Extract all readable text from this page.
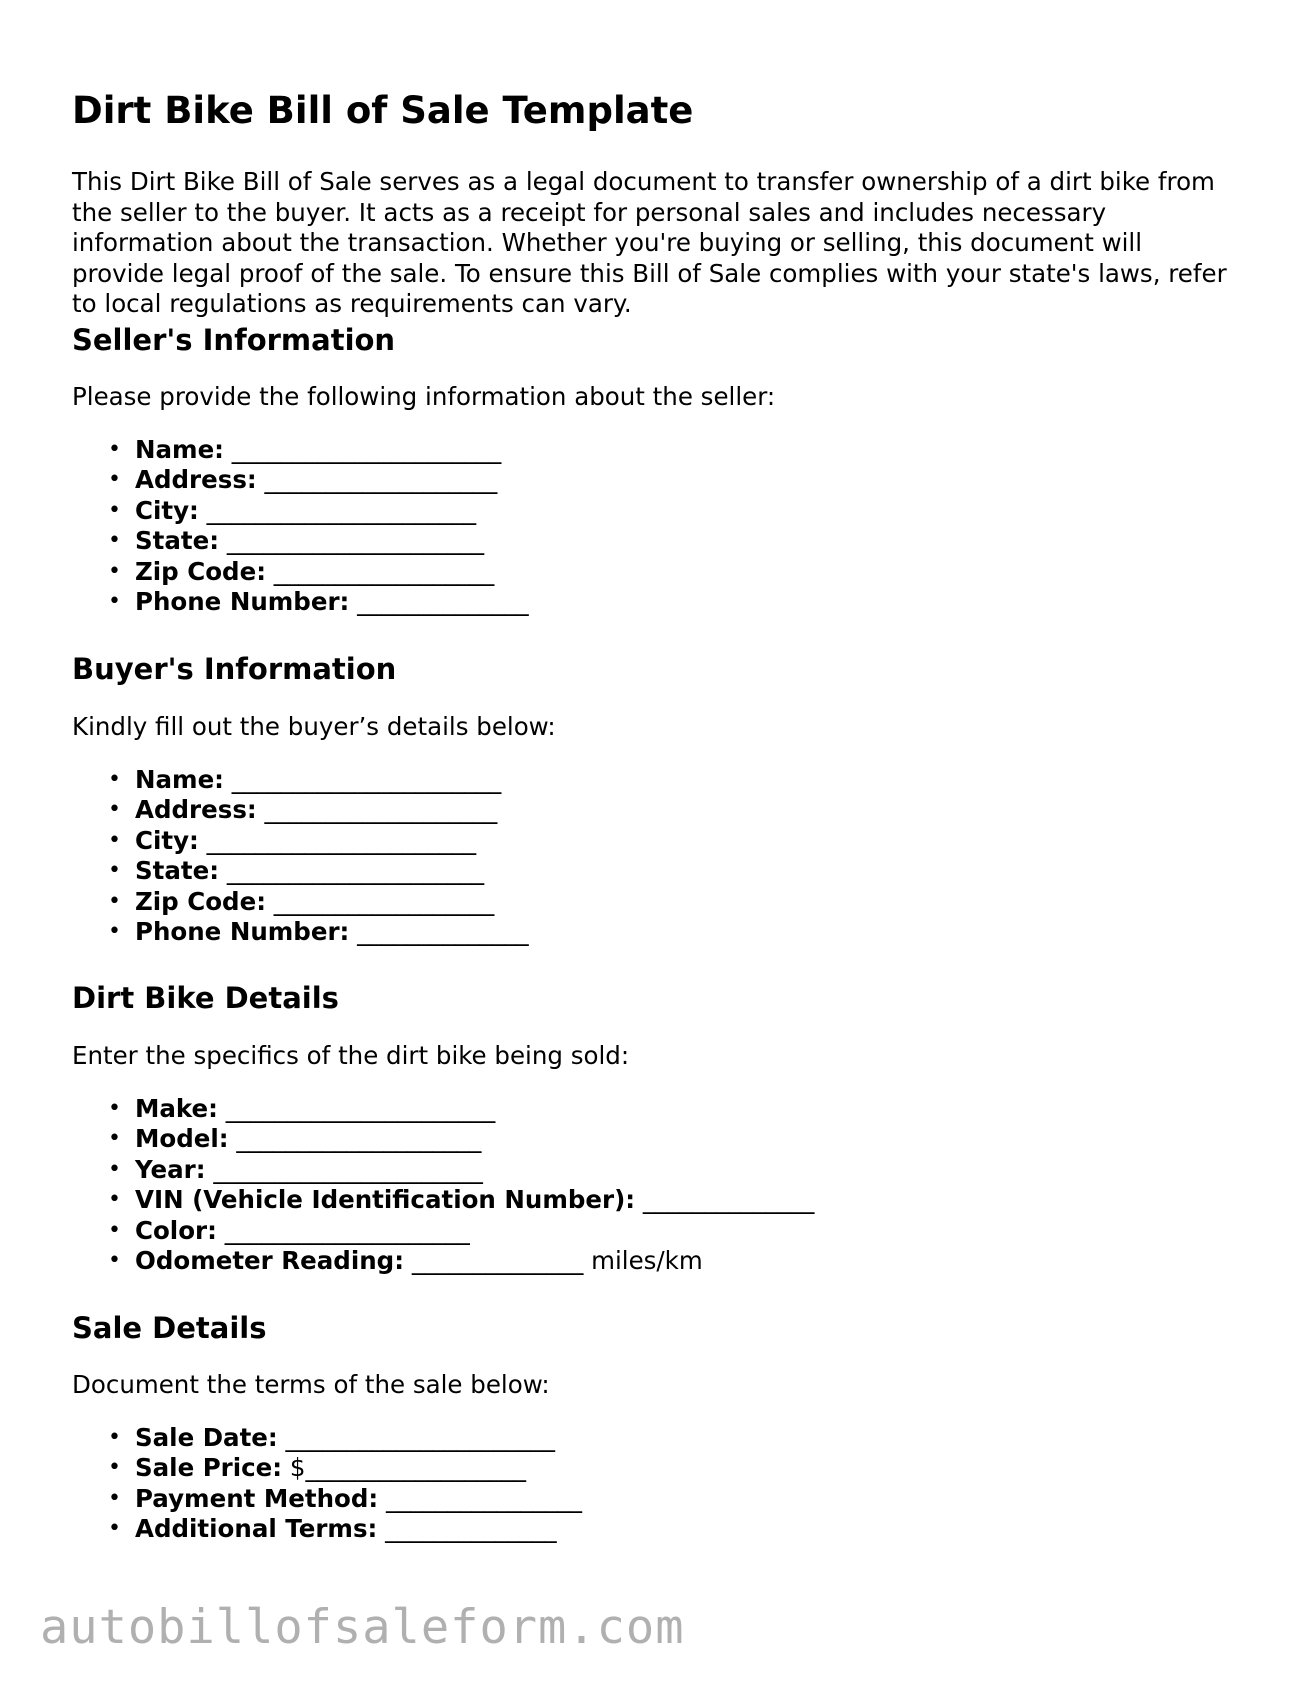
Dirt Bike Bill of Sale Template

This Dirt Bike Bill of Sale serves as a legal document to transfer ownership of a dirt bike from the seller to the buyer. It acts as a receipt for personal sales and includes necessary information about the transaction. Whether you're buying or selling, this document will provide legal proof of the sale. To ensure this Bill of Sale complies with your state's laws, refer to local regulations as requirements can vary.

Seller's Information

Please provide the following information about the seller:

• Name: ______________________
• Address: ___________________
• City: ______________________
• State: _____________________
• Zip Code: __________________
• Phone Number: ______________
Buyer's Information

Kindly fill out the buyer’s details below:

• Name: ______________________
• Address: ___________________
• City: ______________________
• State: _____________________
• Zip Code: __________________
• Phone Number: ______________
Dirt Bike Details

Enter the specifics of the dirt bike being sold:

• Make: ______________________
• Model: ____________________
• Year: ______________________
• VIN (Vehicle Identification Number): ______________
• Color: ____________________
• Odometer Reading: ______________ miles/km
Sale Details

Document the terms of the sale below:

• Sale Date: ______________________
• Sale Price: $__________________
• Payment Method: ________________
• Additional Terms: ______________
autobillofsaleform.com
